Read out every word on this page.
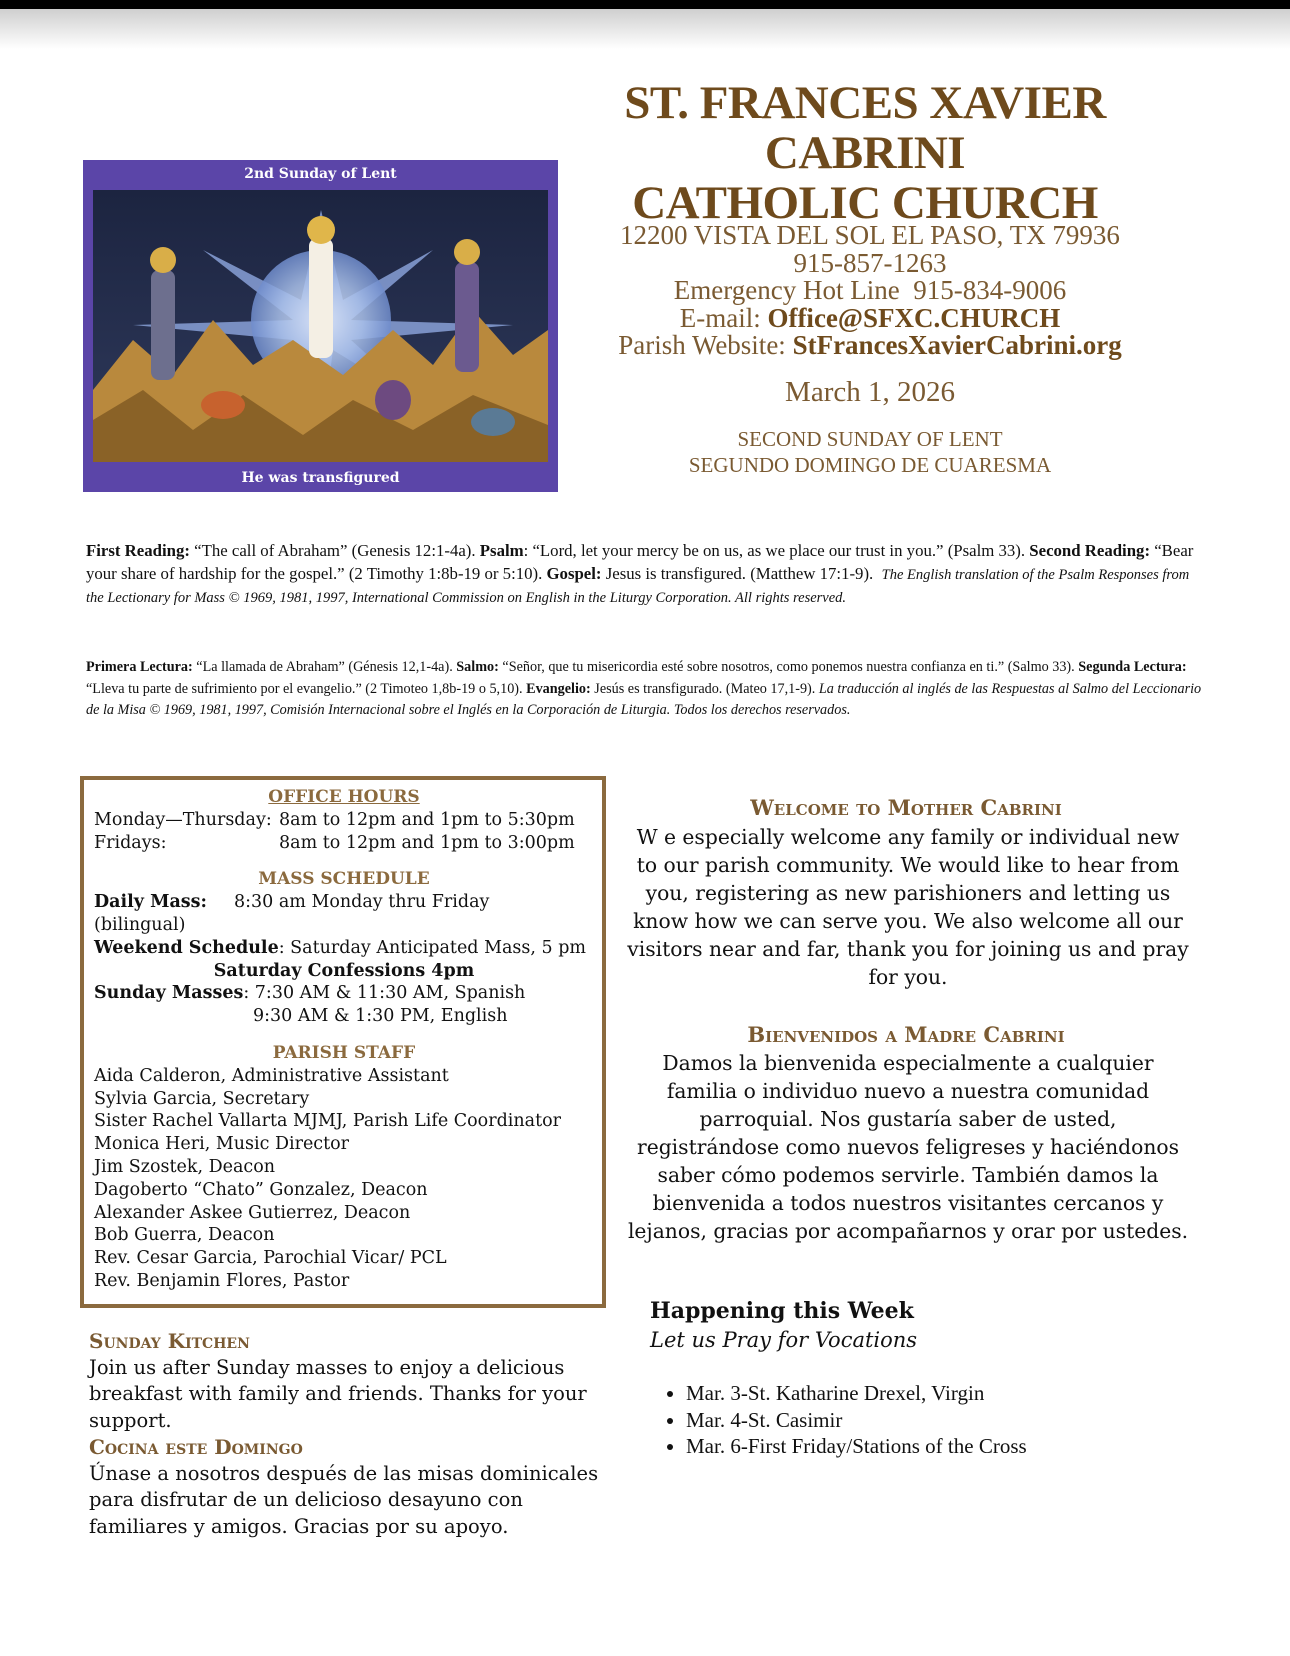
ST. FRANCES XAVIER CABRINI
CATHOLIC CHURCH
12200 VISTA DEL SOL EL PASO, TX 79936
915-857-1263
Emergency Hot Line 915-834-9006
E-mail: Office@SFXC.CHURCH
Parish Website: StFrancesXavierCabrini.org
March 1, 2026
SECOND SUNDAY OF LENT
SEGUNDO DOMINGO DE CUARESMA
2nd Sunday of Lent
He was transfigured
First Reading: “The call of Abraham” (Genesis 12:1-4a). Psalm: “Lord, let your mercy be on us, as we place our trust in you.” (Psalm 33). Second Reading: “Bear your share of hardship for the gospel.” (2 Timothy 1:8b-19 or 5:10). Gospel: Jesus is transfigured. (Matthew 17:1-9).  The English translation of the Psalm Responses from the Lectionary for Mass © 1969, 1981, 1997, International Commission on English in the Liturgy Corporation. All rights reserved.
Primera Lectura: “La llamada de Abraham” (Génesis 12,1-4a). Salmo: “Señor, que tu misericordia esté sobre nosotros, como ponemos nuestra confianza en ti.” (Salmo 33). Segunda Lectura: “Lleva tu parte de sufrimiento por el evangelio.” (2 Timoteo 1,8b-19 o 5,10). Evangelio: Jesús es transfigurado. (Mateo 17,1-9). La traducción al inglés de las Respuestas al Salmo del Leccionario de la Misa © 1969, 1981, 1997, Comisión Internacional sobre el Inglés en la Corporación de Liturgia. Todos los derechos reservados.
OFFICE HOURS
Monday—Thursday: 8am to 12pm and 1pm to 5:30pm
Fridays:	8am to 12pm and 1pm to 3:00pm
MASS SCHEDULE
Daily Mass: 8:30 am Monday thru Friday
(bilingual)
Weekend Schedule: Saturday Anticipated Mass, 5 pm
Saturday Confessions 4pm
Sunday Masses: 7:30 AM & 11:30 AM, Spanish
9:30 AM & 1:30 PM, English
PARISH STAFF
Aida Calderon, Administrative Assistant
Sylvia Garcia, Secretary
Sister Rachel Vallarta MJMJ, Parish Life Coordinator
Monica Heri, Music Director
Jim Szostek, Deacon
Dagoberto “Chato” Gonzalez, Deacon
Alexander Askee Gutierrez, Deacon
Bob Guerra, Deacon
Rev. Cesar Garcia, Parochial Vicar/ PCL
Rev. Benjamin Flores, Pastor
Welcome to Mother Cabrini
W e especially welcome any family or individual new to our parish community. We would like to hear from you, registering as new parishioners and letting us know how we can serve you. We also welcome all our visitors near and far, thank you for joining us and pray for you.
Bienvenidos a Madre Cabrini
Damos la bienvenida especialmente a cualquier familia o individuo nuevo a nuestra comunidad parroquial. Nos gustaría saber de usted, registrándose como nuevos feligreses y haciéndonos saber cómo podemos servirle. También damos la bienvenida a todos nuestros visitantes cercanos y lejanos, gracias por acompañarnos y orar por ustedes.
Happening this Week
Let us Pray for Vocations
• Mar. 3-St. Katharine Drexel, Virgin
• Mar. 4-St. Casimir
• Mar. 6-First Friday/Stations of the Cross
Sunday Kitchen
Join us after Sunday masses to enjoy a delicious breakfast with family and friends. Thanks for your support.
Cocina este Domingo
Únase a nosotros después de las misas dominicales para disfrutar de un delicioso desayuno con familiares y amigos. Gracias por su apoyo.
